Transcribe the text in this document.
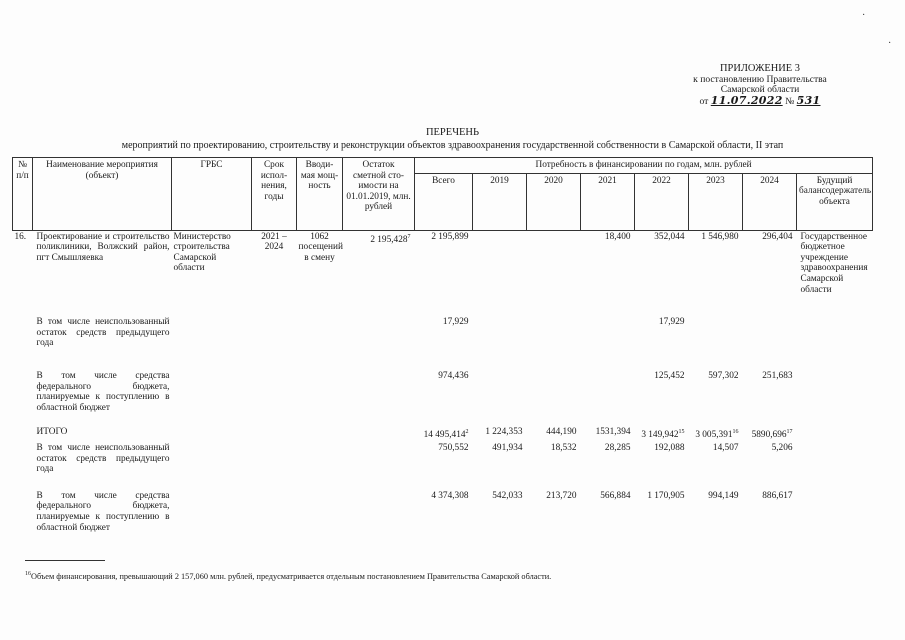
·
·
ПРИЛОЖЕНИЕ 3
к постановлению Правительства
Самарской области
от 11.07.2022 № 531
ПЕРЕЧЕНЬ
мероприятий по проектированию, строительству и реконструкции объектов здравоохранения государственной собственности в Самарской области, II этап
№ п/п	Наименование мероприятия (объект)	ГРБС	Срок испол-нения, годы	Вводи-мая мощ-ность	Остаток сметной сто-имости на 01.01.2019, млн. рублей	Потребность в финансировании по годам, млн. рублей							
						Всего	2019	2020	2021	2022	2023	2024	Будущий балансодержатель объекта
16.	Проектирование и строительство поликлиники, Волжский район, пгт Смышляевка	Министерство строительства Самарской области	2021 – 2024	1062 посещений в смену	2 195,428$^7$	2 195,899			18,400	352,044	1 546,980	296,404	Государственное бюджетное учреждение здравоохранения Самарской области

	В том числе неиспользованный остаток средств предыдущего года					17,929				17,929			

	В том числе средства федерального бюджета, планируемые к поступлению в областной бюджет					974,436				125,452	597,302	251,683	

	ИТОГО					14 495,414$^2$	1 224,353	444,190	1531,394	3 149,942$^{15}$	3 005,391$^{16}$	5890,696$^{17}$	
	В том числе неиспользованный остаток средств предыдущего года					750,552	491,934	18,532	28,285	192,088	14,507	5,206	

	В том числе средства федерального бюджета, планируемые к поступлению в областной бюджет					4 374,308	542,033	213,720	566,884	1 170,905	994,149	886,617	
$^{16}$Объем финансирования, превышающий 2 157,060 млн. рублей, предусматривается отдельным постановлением Правительства Самарской области.
